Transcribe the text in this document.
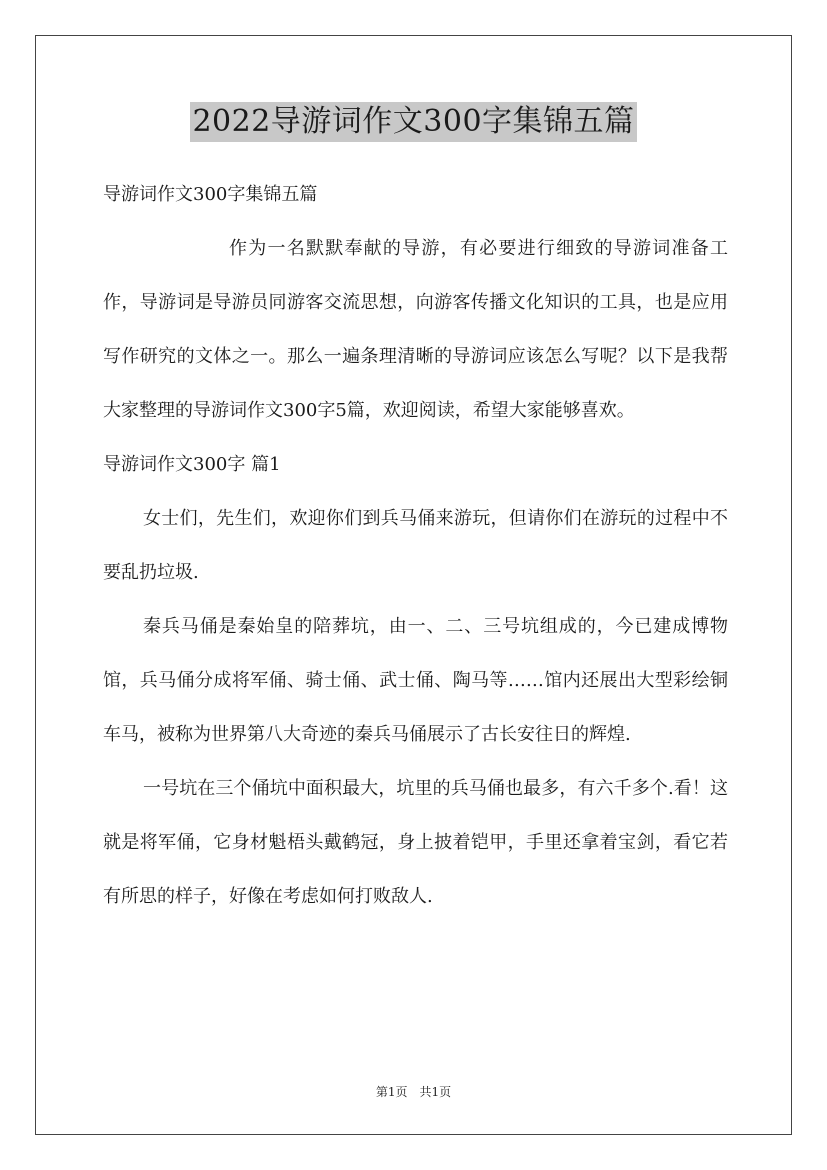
2022导游词作文300字集锦五篇

导游词作文300字集锦五篇

作为一名默默奉献的导游，有必要进行细致的导游词准备工作，导游词是导游员同游客交流思想，向游客传播文化知识的工具，也是应用写作研究的文体之一。那么一遍条理清晰的导游词应该怎么写呢？以下是我帮大家整理的导游词作文300字5篇，欢迎阅读，希望大家能够喜欢。

导游词作文300字 篇1

女士们，先生们，欢迎你们到兵马俑来游玩，但请你们在游玩的过程中不要乱扔垃圾.

秦兵马俑是秦始皇的陪葬坑，由一、二、三号坑组成的，今已建成博物馆，兵马俑分成将军俑、骑士俑、武士俑、陶马等……馆内还展出大型彩绘铜车马，被称为世界第八大奇迹的秦兵马俑展示了古长安往日的辉煌.

一号坑在三个俑坑中面积最大，坑里的兵马俑也最多，有六千多个.看！这就是将军俑，它身材魁梧头戴鹤冠，身上披着铠甲，手里还拿着宝剑，看它若有所思的样子，好像在考虑如何打败敌人.

第1页　共1页
